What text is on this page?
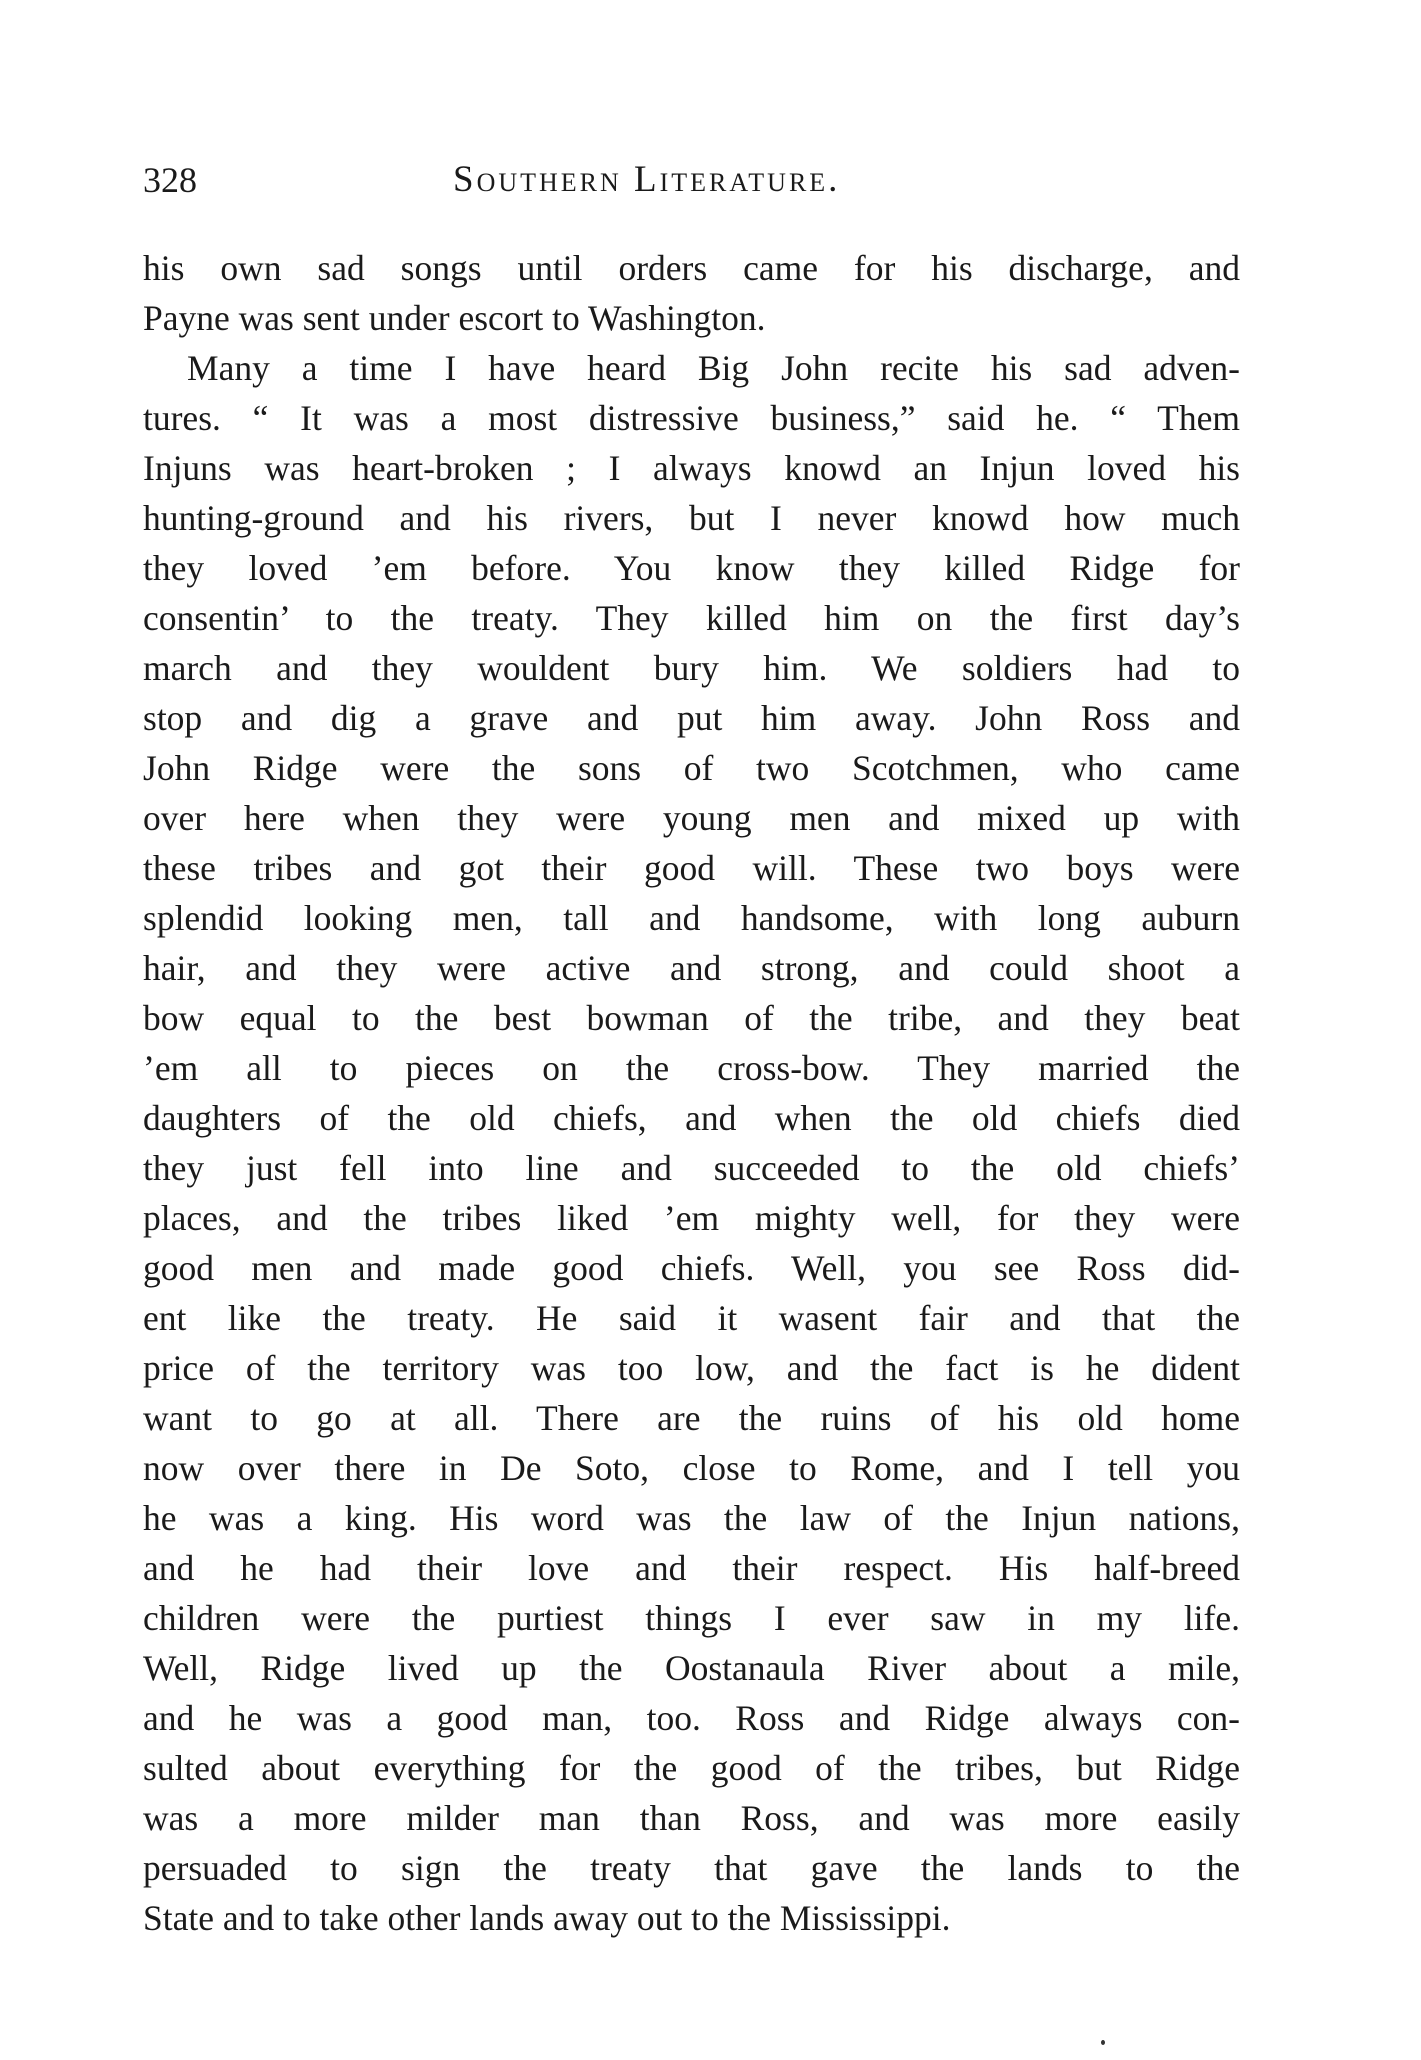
328	Southern Literature.
his own sad songs until orders came for his discharge, and
Payne was sent under escort to Washington.
Many a time I have heard Big John recite his sad adven-
tures. “ It was a most distressive business,” said he. “ Them
Injuns was heart-broken ; I always knowd an Injun loved his
hunting-ground and his rivers, but I never knowd how much
they loved ’em before. You know they killed Ridge for
consentin’ to the treaty. They killed him on the first day’s
march and they wouldent bury him. We soldiers had to
stop and dig a grave and put him away. John Ross and
John Ridge were the sons of two Scotchmen, who came
over here when they were young men and mixed up with
these tribes and got their good will. These two boys were
splendid looking men, tall and handsome, with long auburn
hair, and they were active and strong, and could shoot a
bow equal to the best bowman of the tribe, and they beat
’em all to pieces on the cross-bow. They married the
daughters of the old chiefs, and when the old chiefs died
they just fell into line and succeeded to the old chiefs’
places, and the tribes liked ’em mighty well, for they were
good men and made good chiefs. Well, you see Ross did-
ent like the treaty. He said it wasent fair and that the
price of the territory was too low, and the fact is he dident
want to go at all. There are the ruins of his old home
now over there in De Soto, close to Rome, and I tell you
he was a king. His word was the law of the Injun nations,
and he had their love and their respect. His half-breed
children were the purtiest things I ever saw in my life.
Well, Ridge lived up the Oostanaula River about a mile,
and he was a good man, too. Ross and Ridge always con-
sulted about everything for the good of the tribes, but Ridge
was a more milder man than Ross, and was more easily
persuaded to sign the treaty that gave the lands to the
State and to take other lands away out to the Mississippi.
